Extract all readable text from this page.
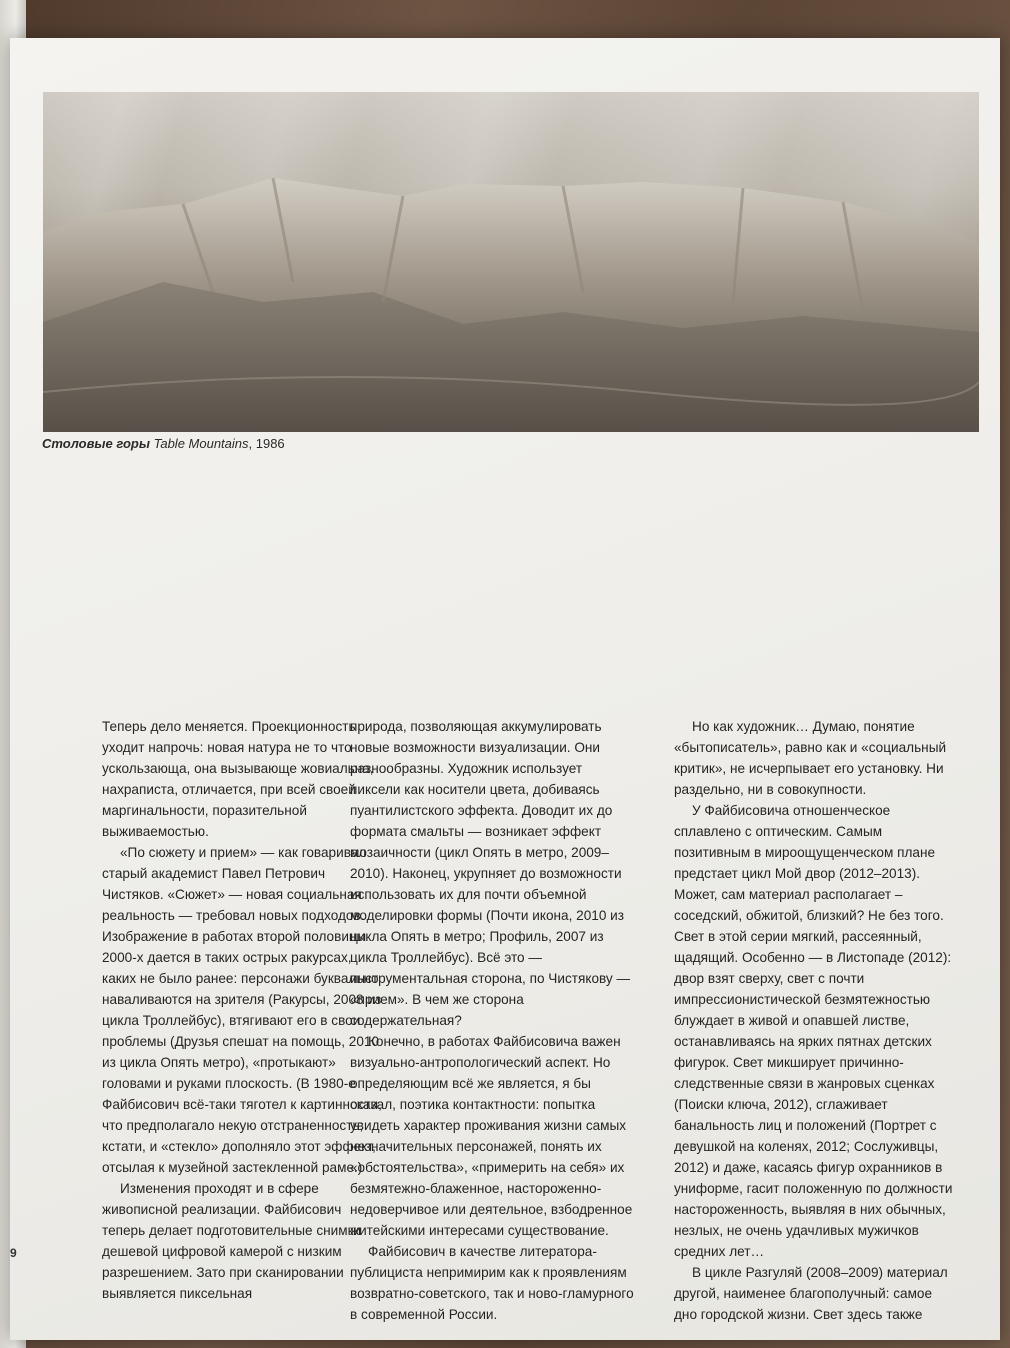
Столовые горы Table Mountains, 1986

Теперь дело меняется. Проекционность уходит напрочь: новая натура не то что ускользающа, она вызывающе жовиальна, нахраписта, отличается, при всей своей маргинальности, поразительной выживаемостью.

«По сюжету и прием» — как говаривал старый академист Павел Петрович Чистяков. «Сюжет» — новая социальная реальность — требовал новых подходов. Изображение в работах второй половины 2000-х дается в таких острых ракурсах, каких не было ранее: персонажи буквально наваливаются на зрителя (Ракурсы, 2008 из цикла Троллейбус), втягивают его в свои проблемы (Друзья спешат на помощь, 2010 из цикла Опять метро), «протыкают» головами и руками плоскость. (В 1980-е Файбисович всё-таки тяготел к картинности, что предполагало некую отстраненность; кстати, и «стекло» дополняло этот эффект, отсылая к музейной застекленной раме.)

Изменения проходят и в сфере живописной реализации. Файбисович теперь делает подготовительные снимки дешевой цифровой камерой с низким разрешением. Зато при сканировании выявляется пиксельная

природа, позволяющая аккумулировать новые возможности визуализации. Они разнообразны. Художник использует пиксели как носители цвета, добиваясь пуантилистского эффекта. Доводит их до формата смальты — возникает эффект мозаичности (цикл Опять в метро, 2009–2010). Наконец, укрупняет до возможности использовать их для почти объемной моделировки формы (Почти икона, 2010 из цикла Опять в метро; Профиль, 2007 из цикла Троллейбус). Всё это — инструментальная сторона, по Чистякову — «прием». В чем же сторона содержательная?

Конечно, в работах Файбисовича важен визуально-антропологический аспект. Но определяющим всё же является, я бы сказал, поэтика контактности: попытка увидеть характер проживания жизни самых незначительных персонажей, понять их «обстоятельства», «примерить на себя» их безмятежно-блаженное, настороженно-недоверчивое или деятельное, взбодренное житейскими интересами существование.

Файбисович в качестве литератора-публициста непримирим как к проявлениям возвратно-советского, так и ново-гламурного в современной России.

Но как художник… Думаю, понятие «бытописатель», равно как и «социальный критик», не исчерпывает его установку. Ни раздельно, ни в совокупности.

У Файбисовича отношенческое сплавлено с оптическим. Самым позитивным в мироощущенческом плане предстает цикл Мой двор (2012–2013). Может, сам материал располагает – соседский, обжитой, близкий? Не без того. Свет в этой серии мягкий, рассеянный, щадящий. Особенно — в Листопаде (2012): двор взят сверху, свет с почти импрессионистической безмятежностью блуждает в живой и опавшей листве, останавливаясь на ярких пятнах детских фигурок. Свет микширует причинно-следственные связи в жанровых сценках (Поиски ключа, 2012), сглаживает банальность лиц и положений (Портрет с девушкой на коленях, 2012; Сослуживцы, 2012) и даже, касаясь фигур охранников в униформе, гасит положенную по должности настороженность, выявляя в них обычных, незлых, не очень удачливых мужичков средних лет…

В цикле Разгуляй (2008–2009) материал другой, наименее благополучный: самое дно городской жизни. Свет здесь также

9
